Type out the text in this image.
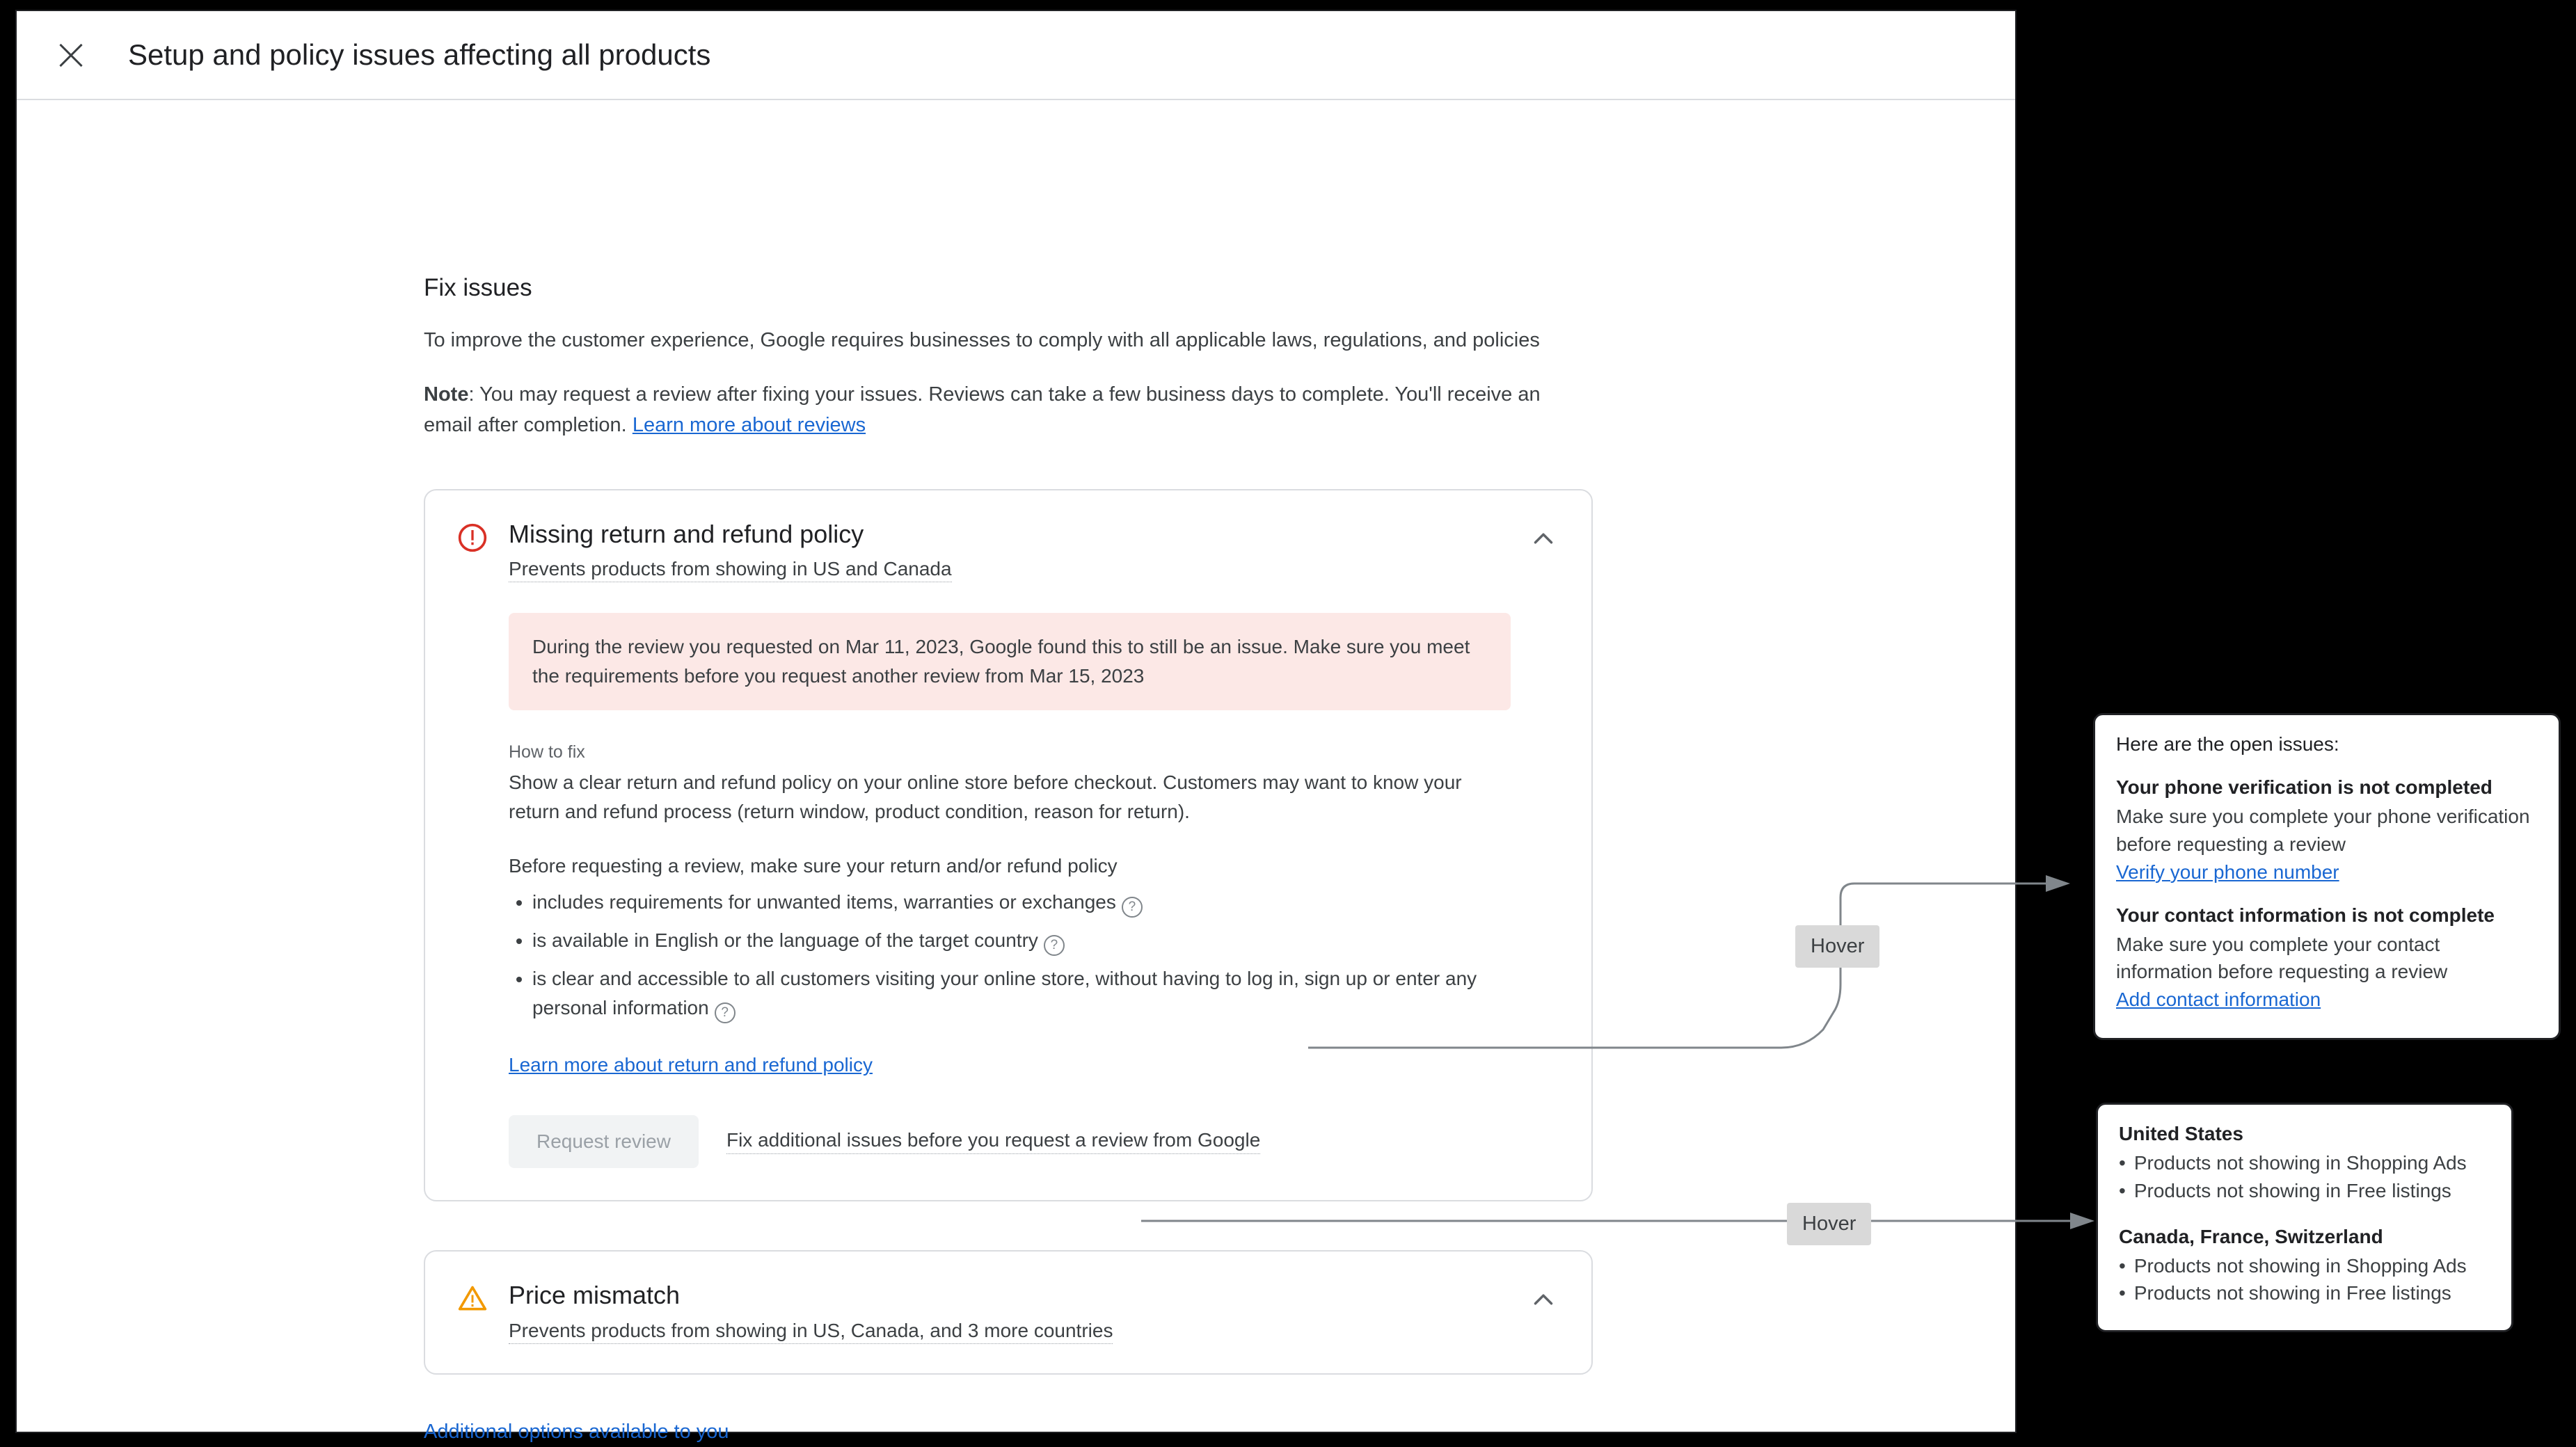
Setup and policy issues affecting all products
Fix issues
To improve the customer experience, Google requires businesses to comply with all applicable laws, regulations, and policies
Note: You may request a review after fixing your issues. Reviews can take a few business days to complete. You'll receive an email after completion. Learn more about reviews
Missing return and refund policy
Prevents products from showing in US and Canada
During the review you requested on Mar 11, 2023, Google found this to still be an issue. Make sure you meet the requirements before you request another review from Mar 15, 2023
How to fix
Show a clear return and refund policy on your online store before checkout. Customers may want to know your return and refund process (return window, product condition, reason for return).
Before requesting a review, make sure your return and/or refund policy
• includes requirements for unwanted items, warranties or exchanges ?
• is available in English or the language of the target country ?
• is clear and accessible to all customers visiting your online store, without having to log in, sign up or enter any personal information ?
Learn more about return and refund policy
Request review	Fix additional issues before you request a review from Google
Price mismatch
Prevents products from showing in US, Canada, and 3 more countries
Additional options available to you
Hover
Hover
Here are the open issues:
Your phone verification is not completed
Make sure you complete your phone verification before requesting a review
Verify your phone number
Your contact information is not complete
Make sure you complete your contact information before requesting a review
Add contact information
United States
• Products not showing in Shopping Ads
• Products not showing in Free listings
Canada, France, Switzerland
• Products not showing in Shopping Ads
• Products not showing in Free listings
